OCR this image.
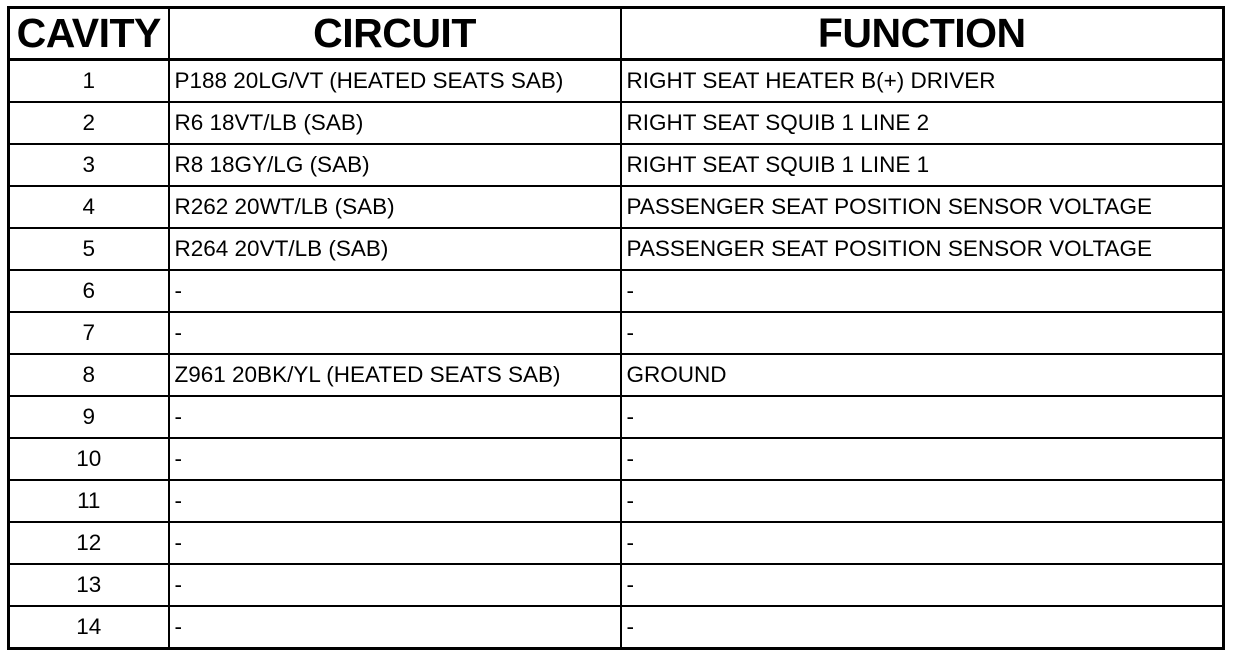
CAVITY	CIRCUIT	FUNCTION
1	P188 20LG/VT (HEATED SEATS SAB)	RIGHT SEAT HEATER B(+) DRIVER
2	R6 18VT/LB (SAB)	RIGHT SEAT SQUIB 1 LINE 2
3	R8 18GY/LG (SAB)	RIGHT SEAT SQUIB 1 LINE 1
4	R262 20WT/LB (SAB)	PASSENGER SEAT POSITION SENSOR VOLTAGE
5	R264 20VT/LB (SAB)	PASSENGER SEAT POSITION SENSOR VOLTAGE
6	-	-
7	-	-
8	Z961 20BK/YL (HEATED SEATS SAB)	GROUND
9	-	-
10	-	-
11	-	-
12	-	-
13	-	-
14	-	-
